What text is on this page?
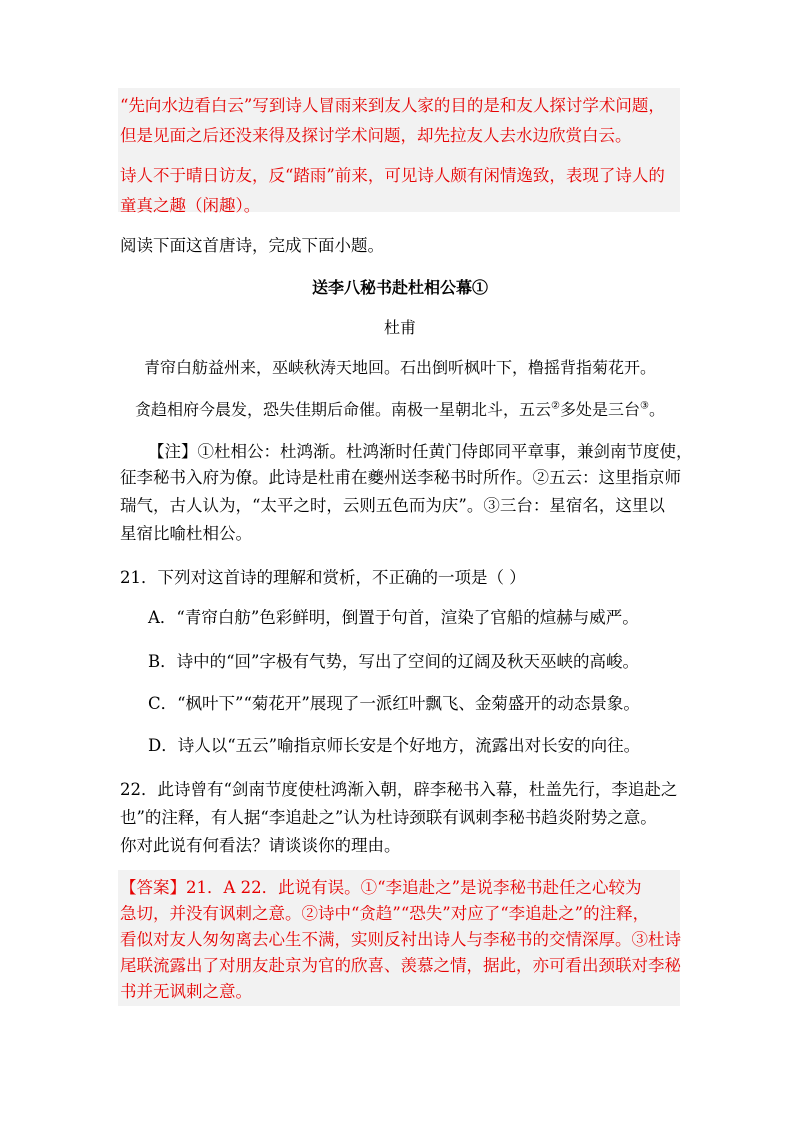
“先向水边看白云”写到诗人冒雨来到友人家的目的是和友人探讨学术问题，
但是见面之后还没来得及探讨学术问题，却先拉友人去水边欣赏白云。
诗人不于晴日访友，反“踏雨”前来，可见诗人颇有闲情逸致，表现了诗人的
童真之趣（闲趣）。
阅读下面这首唐诗，完成下面小题。
送李八秘书赴杜相公幕①
杜甫
青帘白舫益州来，巫峡秋涛天地回。石出倒听枫叶下，橹摇背指菊花开。
贪趋相府今晨发，恐失佳期后命催。南极一星朝北斗，五云②多处是三台③。
【注】①杜相公：杜鸿渐。杜鸿渐时任黄门侍郎同平章事，兼剑南节度使，
征李秘书入府为僚。此诗是杜甫在夔州送李秘书时所作。②五云：这里指京师
瑞气，古人认为，“太平之时，云则五色而为庆”。③三台：星宿名，这里以
星宿比喻杜相公。
21．下列对这首诗的理解和赏析，不正确的一项是（ ）
A．“青帘白舫”色彩鲜明，倒置于句首，渲染了官船的煊赫与威严。
B．诗中的“回”字极有气势，写出了空间的辽阔及秋天巫峡的高峻。
C．“枫叶下”“菊花开”展现了一派红叶飘飞、金菊盛开的动态景象。
D．诗人以“五云”喻指京师长安是个好地方，流露出对长安的向往。
22．此诗曾有“剑南节度使杜鸿渐入朝，辟李秘书入幕，杜盖先行，李追赴之
也”的注释，有人据“李追赴之”认为杜诗颈联有讽刺李秘书趋炎附势之意。
你对此说有何看法？请谈谈你的理由。
【答案】21．A 22．此说有误。①“李追赴之”是说李秘书赴任之心较为
急切，并没有讽刺之意。②诗中“贪趋”“恐失”对应了“李追赴之”的注释，
看似对友人匆匆离去心生不满，实则反衬出诗人与李秘书的交情深厚。③杜诗
尾联流露出了对朋友赴京为官的欣喜、羡慕之情，据此，亦可看出颈联对李秘
书并无讽刺之意。
